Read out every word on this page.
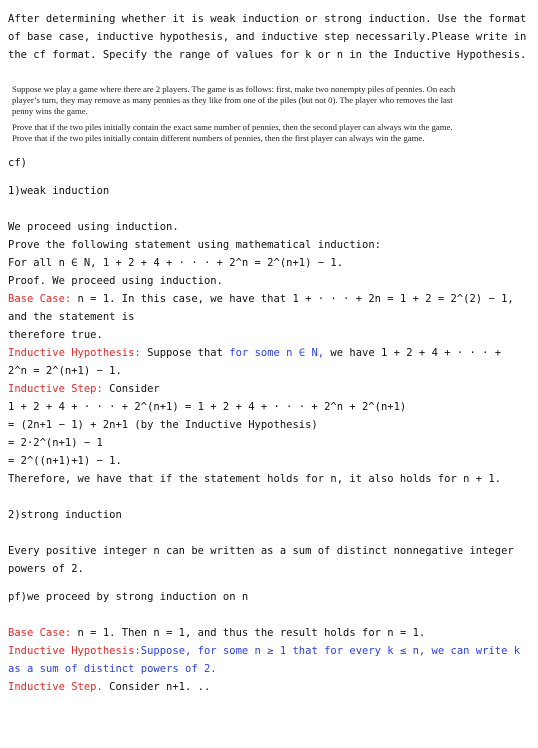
After determining whether it is weak induction or strong induction. Use the format of base case, inductive hypothesis, and inductive step necessarily.Please write in the cf format. Specify the range of values for k or n in the Inductive Hypothesis.

Suppose we play a game where there are 2 players. The game is as follows: first, make two nonempty piles of pennies. On each player’s turn, they may remove as many pennies as they like from one of the piles (but not 0). The player who removes the last penny wins the game.

Prove that if the two piles initially contain the exact same number of pennies, then the second player can always win the game. Prove that if the two piles initially contain different numbers of pennies, then the first player can always win the game.

cf)

1)weak induction

We proceed using induction.

Prove the following statement using mathematical induction:

For all n ∈ N, 1 + 2 + 4 + · · · + 2^n = 2^(n+1) − 1.

Proof. We proceed using induction.

Base Case: n = 1. In this case, we have that 1 + · · · + 2n = 1 + 2 = 2^(2) − 1,

and the statement is

therefore true.

Inductive Hypothesis: Suppose that for some n ∈ N, we have 1 + 2 + 4 + · · · +

2^n = 2^(n+1) − 1.

Inductive Step: Consider

1 + 2 + 4 + · · · + 2^(n+1) = 1 + 2 + 4 + · · · + 2^n + 2^(n+1)

= (2n+1 − 1) + 2n+1 (by the Inductive Hypothesis)

= 2·2^(n+1) − 1

= 2^((n+1)+1) − 1.

Therefore, we have that if the statement holds for n, it also holds for n + 1.

2)strong induction

Every positive integer n can be written as a sum of distinct nonnegative integer powers of 2.

pf)we proceed by strong induction on n

Base Case: n = 1. Then n = 1, and thus the result holds for n = 1.

Inductive Hypothesis:Suppose, for some n ≥ 1 that for every k ≤ n, we can write k as a sum of distinct powers of 2.

Inductive Step. Consider n+1. ..
